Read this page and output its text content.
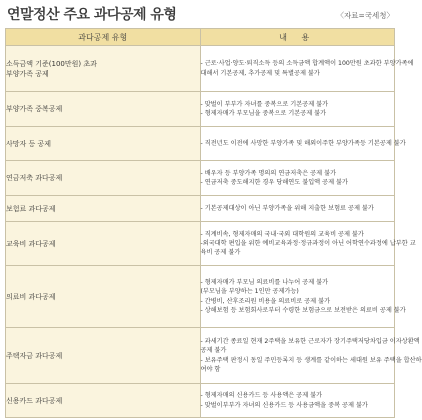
연말정산 주요 과다공제 유형	〈자료=국세청〉
과다공제 유형	내 용

소득금액 기준(100만원) 초과
부양가족 공제	- 근로·사업·양도·퇴직소득 등의 소득금액 합계액이 100만원 초과한 부양가족에
대해서 기본공제, 추가공제 및 특별공제 불가

부양가족 중복공제	- 맞벌이 부부가 자녀를 중복으로 기본공제 불가
- 형제자매가 부모님을 중복으로 기본공제 불가

사망자 등 공제	- 직전년도 이전에 사망한 부양가족 및 해외이주한 부양가족등 기본공제 불가

연금저축 과다공제	- 배우자 등 부양가족 명의의 연금저축은 공제 불가
- 연금저축 중도해지한 경우 당해연도 불입액 공제 불가

보험료 과다공제	- 기본공제대상이 아닌 부양가족을 위해 지출한 보험료 공제 불가

교육비 과다공제	- 직계비속, 형제자매의 국내·국외 대학원의 교육비 공제 불가
-외국대학 편입을 위한 예비교육과정·정규과정이 아닌 어학연수과정에 납부한 교
육비 공제 불가

의료비 과다공제	- 형제자매가 부모님 의료비를 나누어 공제 불가
(부모님을 부양하는 1인만 공제가능)
- 간병비, 산후조리원 비용을 의료비로 공제 불가
- 상해보험 등 보험회사로부터 수령한 보험금으로 보전받은 의료비 공제 불가

주택자금 과다공제	- 과세기간 종료일 현재 2주택을 보유한 근로자가 장기주택저당차입금 이자상환액
공제 불가
- 보유주택 판정시 동일 주민등록지 등 생계를 같이하는 세대원 보유 주택을 합산하
여야 함

신용카드 과다공제	- 형제자매의 신용카드 등 사용액은 공제 불가
- 맞벌이부부가 자녀의 신용카드 등 사용금액을 중복 공제 불가
